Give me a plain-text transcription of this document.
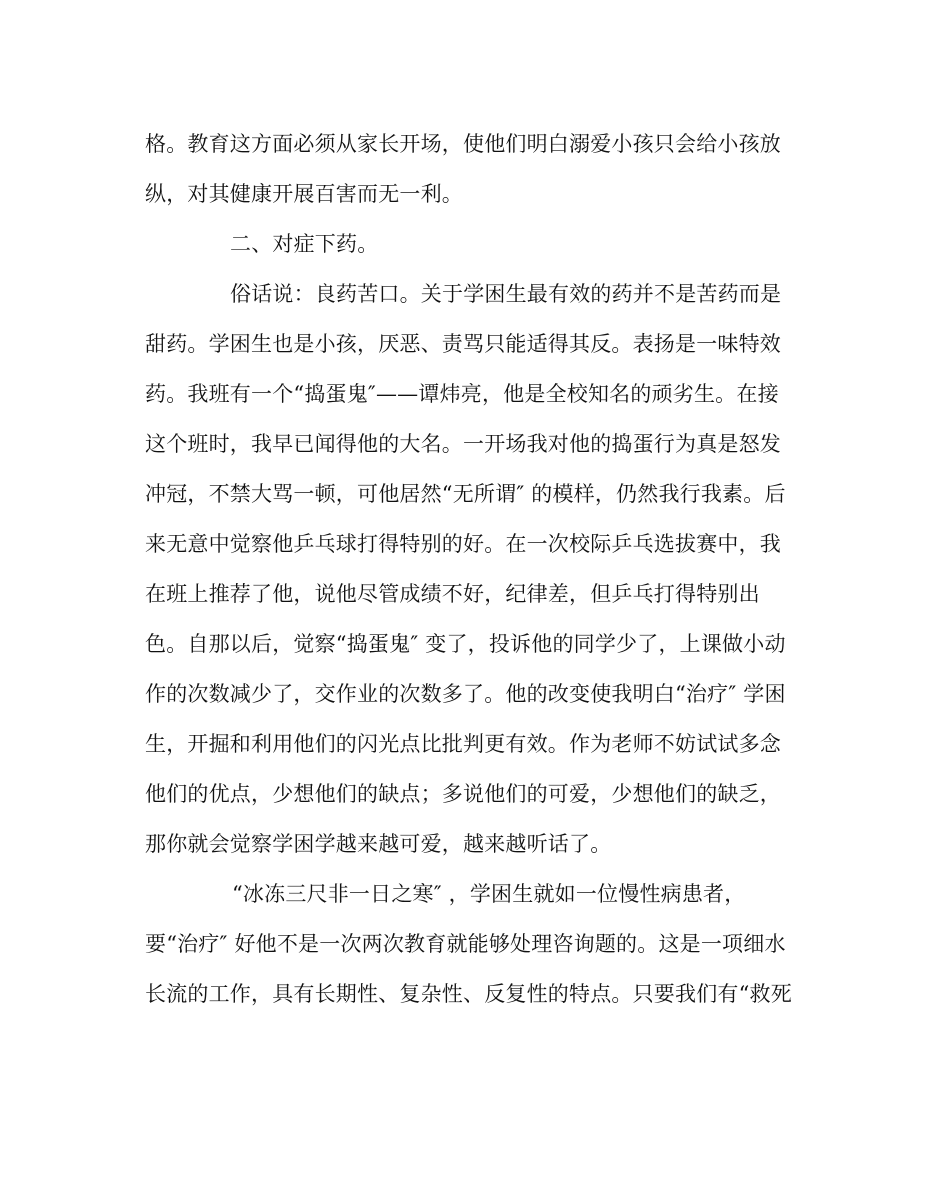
格。教育这方面必须从家长开场，使他们明白溺爱小孩只会给小孩放

纵，对其健康开展百害而无一利。

二、对症下药。

俗话说：良药苦口。关于学困生最有效的药并不是苦药而是

甜药。学困生也是小孩，厌恶、责骂只能适得其反。表扬是一味特效

药。我班有一个“捣蛋鬼″——谭炜亮，他是全校知名的顽劣生。在接

这个班时，我早已闻得他的大名。一开场我对他的捣蛋行为真是怒发

冲冠，不禁大骂一顿，可他居然“无所谓″ 的模样，仍然我行我素。后

来无意中觉察他乒乓球打得特别的好。在一次校际乒乓选拔赛中，我

在班上推荐了他，说他尽管成绩不好，纪律差，但乒乓打得特别出

色。自那以后，觉察“捣蛋鬼″ 变了，投诉他的同学少了，上课做小动

作的次数减少了，交作业的次数多了。他的改变使我明白“治疗″ 学困

生，开掘和利用他们的闪光点比批判更有效。作为老师不妨试试多念

他们的优点，少想他们的缺点；多说他们的可爱，少想他们的缺乏，

那你就会觉察学困学越来越可爱，越来越听话了。

“冰冻三尺非一日之寒″ ，学困生就如一位慢性病患者，

要“治疗″ 好他不是一次两次教育就能够处理咨询题的。这是一项细水

长流的工作，具有长期性、复杂性、反复性的特点。只要我们有“救死
